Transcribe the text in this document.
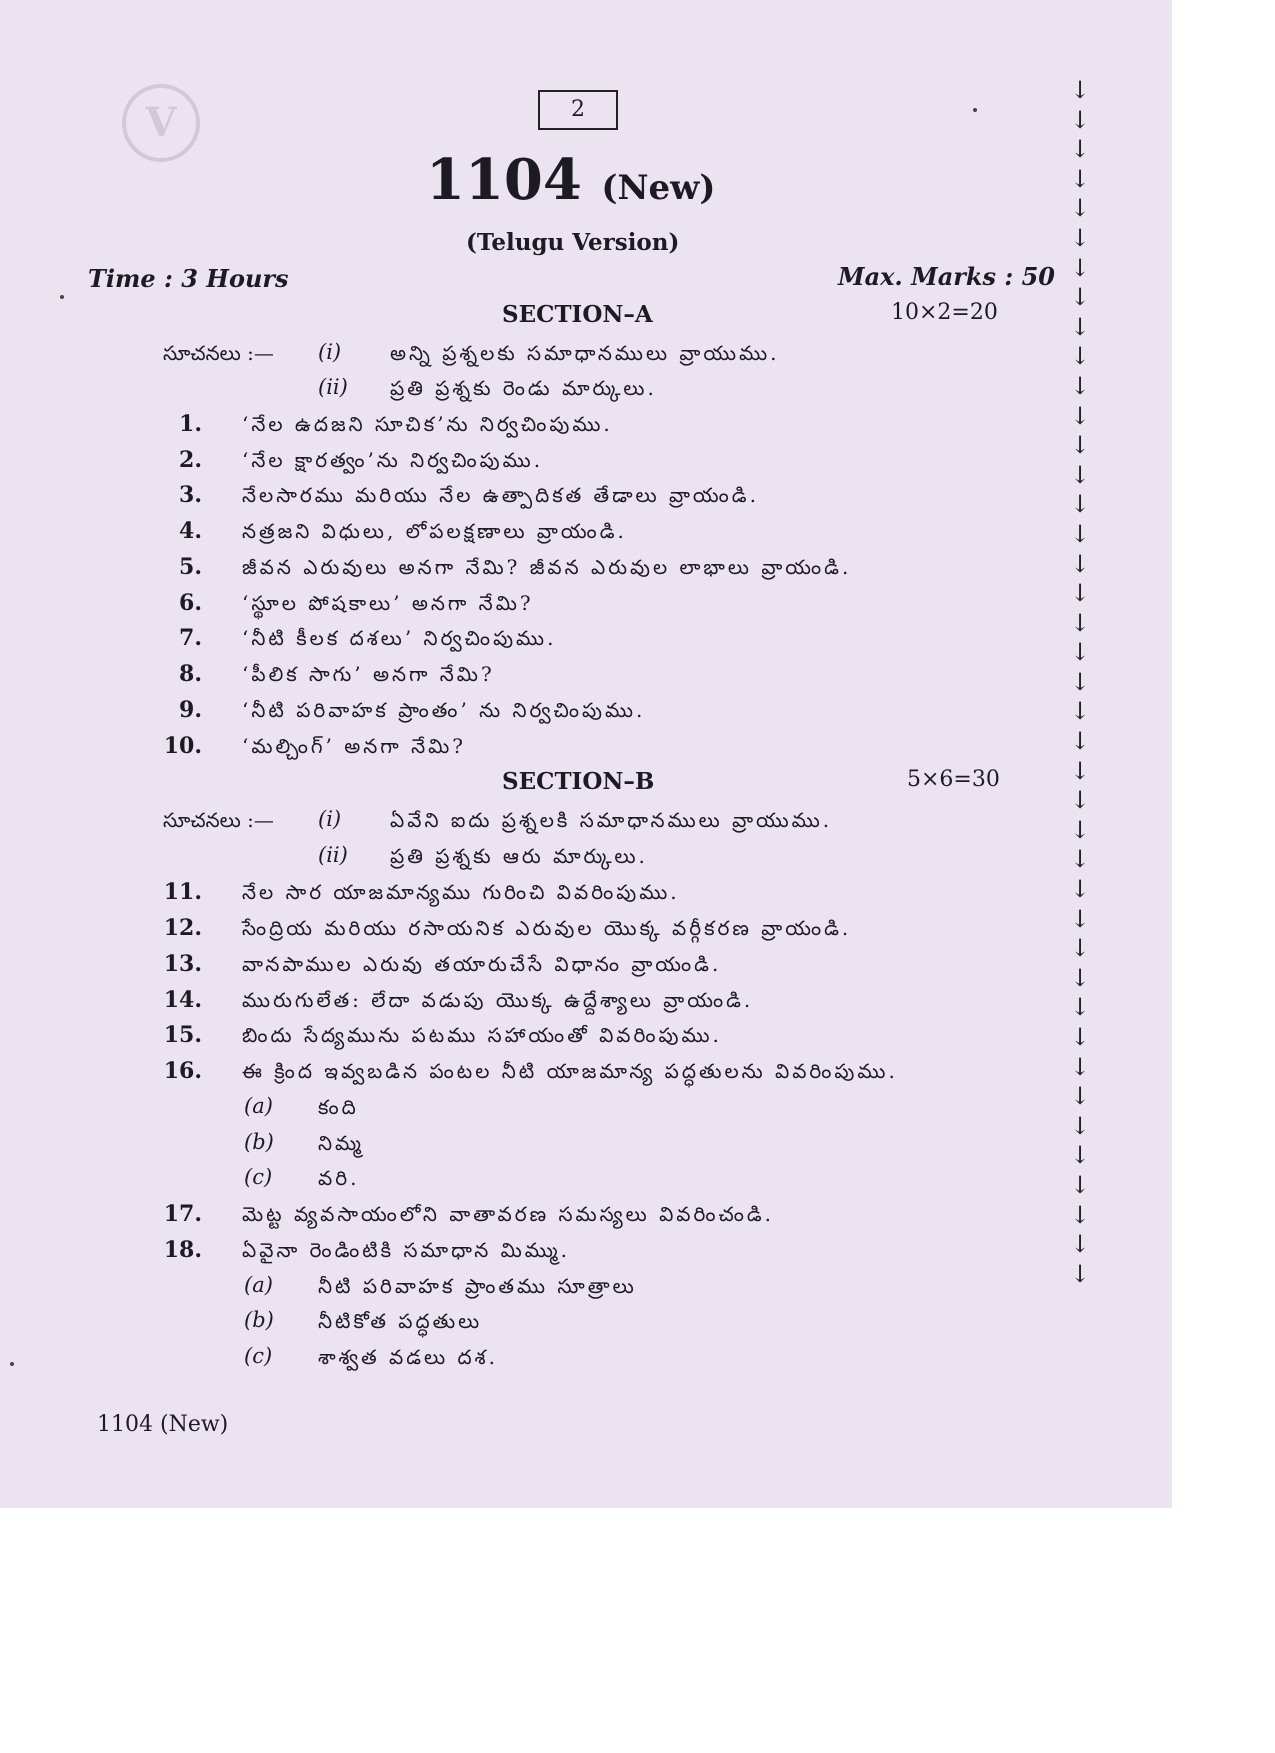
V	2
1104 (New)
(Telugu Version)
Time : 3 Hours	Max. Marks : 50
SECTION–A	10×2=20
సూచనలు :— (i) అన్ని ప్రశ్నలకు సమాధానములు వ్రాయుము.
(ii) ప్రతి ప్రశ్నకు రెండు మార్కులు.
1. ‘నేల ఉదజని సూచిక’ను నిర్వచింపుము.
2. ‘నేల క్షారత్వం’ను నిర్వచింపుము.
3. నేలసారము మరియు నేల ఉత్పాదికత తేడాలు వ్రాయండి.
4. నత్రజని విధులు, లోపలక్షణాలు వ్రాయండి.
5. జీవన ఎరువులు అనగా నేమి? జీవన ఎరువుల లాభాలు వ్రాయండి.
6. ‘స్థూల పోషకాలు’ అనగా నేమి?
7. ‘నీటి కీలక దశలు’ నిర్వచింపుము.
8. ‘పీలిక సాగు’ అనగా నేమి?
9. ‘నీటి పరివాహక ప్రాంతం’ ను నిర్వచింపుము.
10. ‘మల్చింగ్’ అనగా నేమి?
SECTION–B	5×6=30
సూచనలు :— (i) ఏవేని ఐదు ప్రశ్నలకి సమాధానములు వ్రాయుము.
(ii) ప్రతి ప్రశ్నకు ఆరు మార్కులు.
11. నేల సార యాజమాన్యము గురించి వివరింపుము.
12. సేంద్రియ మరియు రసాయనిక ఎరువుల యొక్క వర్గీకరణ వ్రాయండి.
13. వానపాముల ఎరువు తయారుచేసే విధానం వ్రాయండి.
14. మురుగులేత: లేదా వడుపు యొక్క ఉద్దేశ్యాలు వ్రాయండి.
15. బిందు సేద్యమును పటము సహాయంతో వివరింపుము.
16. ఈ క్రింద ఇవ్వబడిన పంటల నీటి యాజమాన్య పద్ధతులను వివరింపుము.
(a) కంది
(b) నిమ్మ
(c) వరి.
17. మెట్ట వ్యవసాయంలోని వాతావరణ సమస్యలు వివరించండి.
18. ఏవైనా రెండింటికి సమాధాన మిమ్ము.
(a) నీటి పరివాహక ప్రాంతము సూత్రాలు
(b) నీటికోత పద్ధతులు
(c) శాశ్వత వడలు దశ.
1104 (New)
↓
↓
↓
↓
↓
↓
↓
↓
↓
↓
↓
↓
↓
↓
↓
↓
↓
↓
↓
↓
↓
↓
↓
↓
↓
↓
↓
↓
↓
↓
↓
↓
↓
↓
↓
↓
↓
↓
↓
↓
↓
